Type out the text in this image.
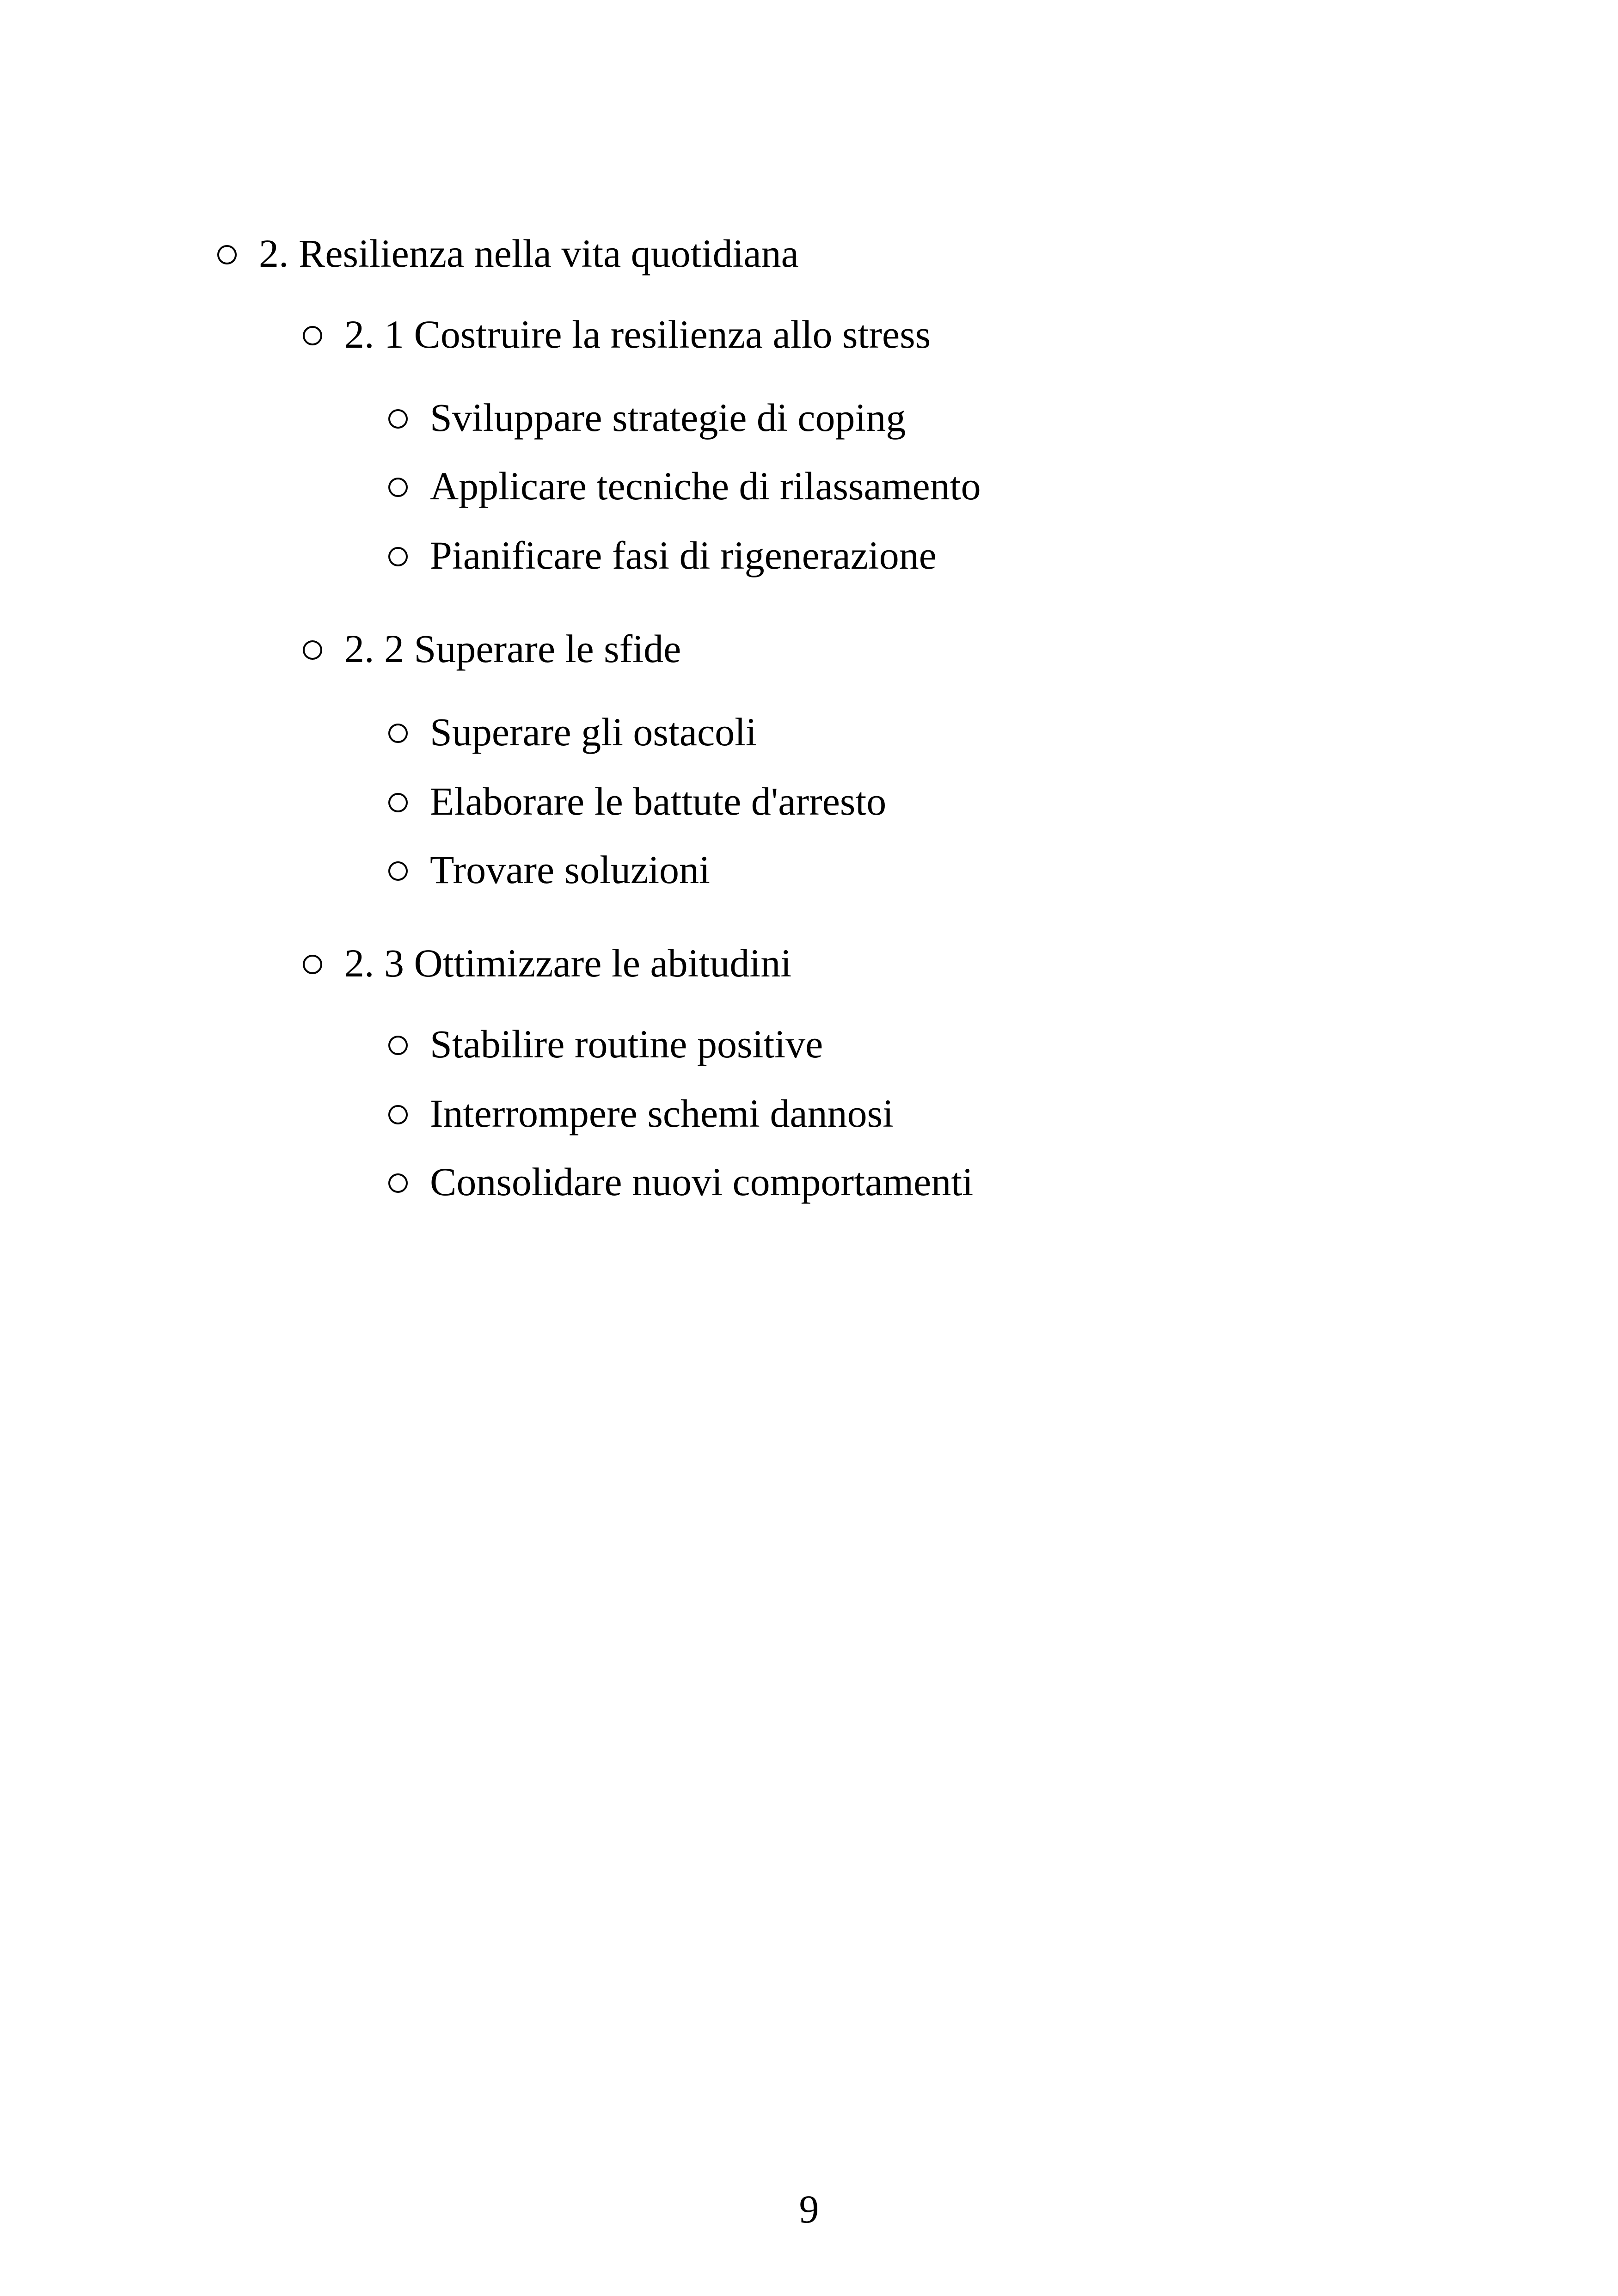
2. Resilienza nella vita quotidiana
2. 1 Costruire la resilienza allo stress
Sviluppare strategie di coping
Applicare tecniche di rilassamento
Pianificare fasi di rigenerazione
2. 2 Superare le sfide
Superare gli ostacoli
Elaborare le battute d'arresto
Trovare soluzioni
2. 3 Ottimizzare le abitudini
Stabilire routine positive
Interrompere schemi dannosi
Consolidare nuovi comportamenti
9
